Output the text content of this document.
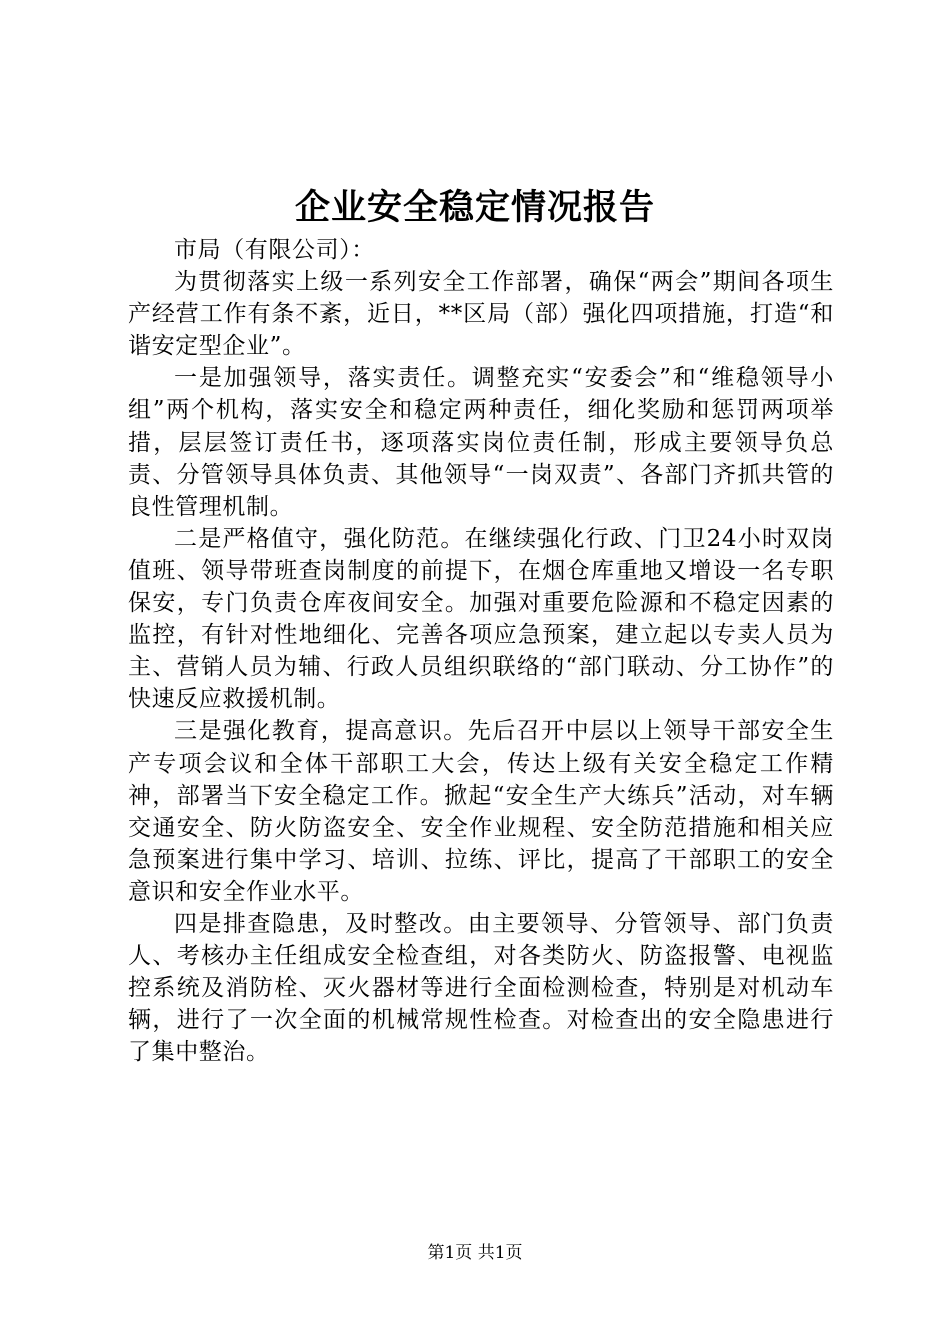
企业安全稳定情况报告

市局（有限公司）：

为贯彻落实上级一系列安全工作部署，确保“两会”期间各项生产经营工作有条不紊，近日，**区局（部）强化四项措施，打造“和谐安定型企业”。

一是加强领导，落实责任。调整充实“安委会”和“维稳领导小组”两个机构，落实安全和稳定两种责任，细化奖励和惩罚两项举措，层层签订责任书，逐项落实岗位责任制，形成主要领导负总责、分管领导具体负责、其他领导“一岗双责”、各部门齐抓共管的良性管理机制。

二是严格值守，强化防范。在继续强化行政、门卫24小时双岗值班、领导带班查岗制度的前提下，在烟仓库重地又增设一名专职保安，专门负责仓库夜间安全。加强对重要危险源和不稳定因素的监控，有针对性地细化、完善各项应急预案，建立起以专卖人员为主、营销人员为辅、行政人员组织联络的“部门联动、分工协作”的快速反应救援机制。

三是强化教育，提高意识。先后召开中层以上领导干部安全生产专项会议和全体干部职工大会，传达上级有关安全稳定工作精神，部署当下安全稳定工作。掀起“安全生产大练兵”活动，对车辆交通安全、防火防盗安全、安全作业规程、安全防范措施和相关应急预案进行集中学习、培训、拉练、评比，提高了干部职工的安全意识和安全作业水平。

四是排查隐患，及时整改。由主要领导、分管领导、部门负责人、考核办主任组成安全检查组，对各类防火、防盗报警、电视监控系统及消防栓、灭火器材等进行全面检测检查，特别是对机动车辆，进行了一次全面的机械常规性检查。对检查出的安全隐患进行了集中整治。

第1页 共1页
